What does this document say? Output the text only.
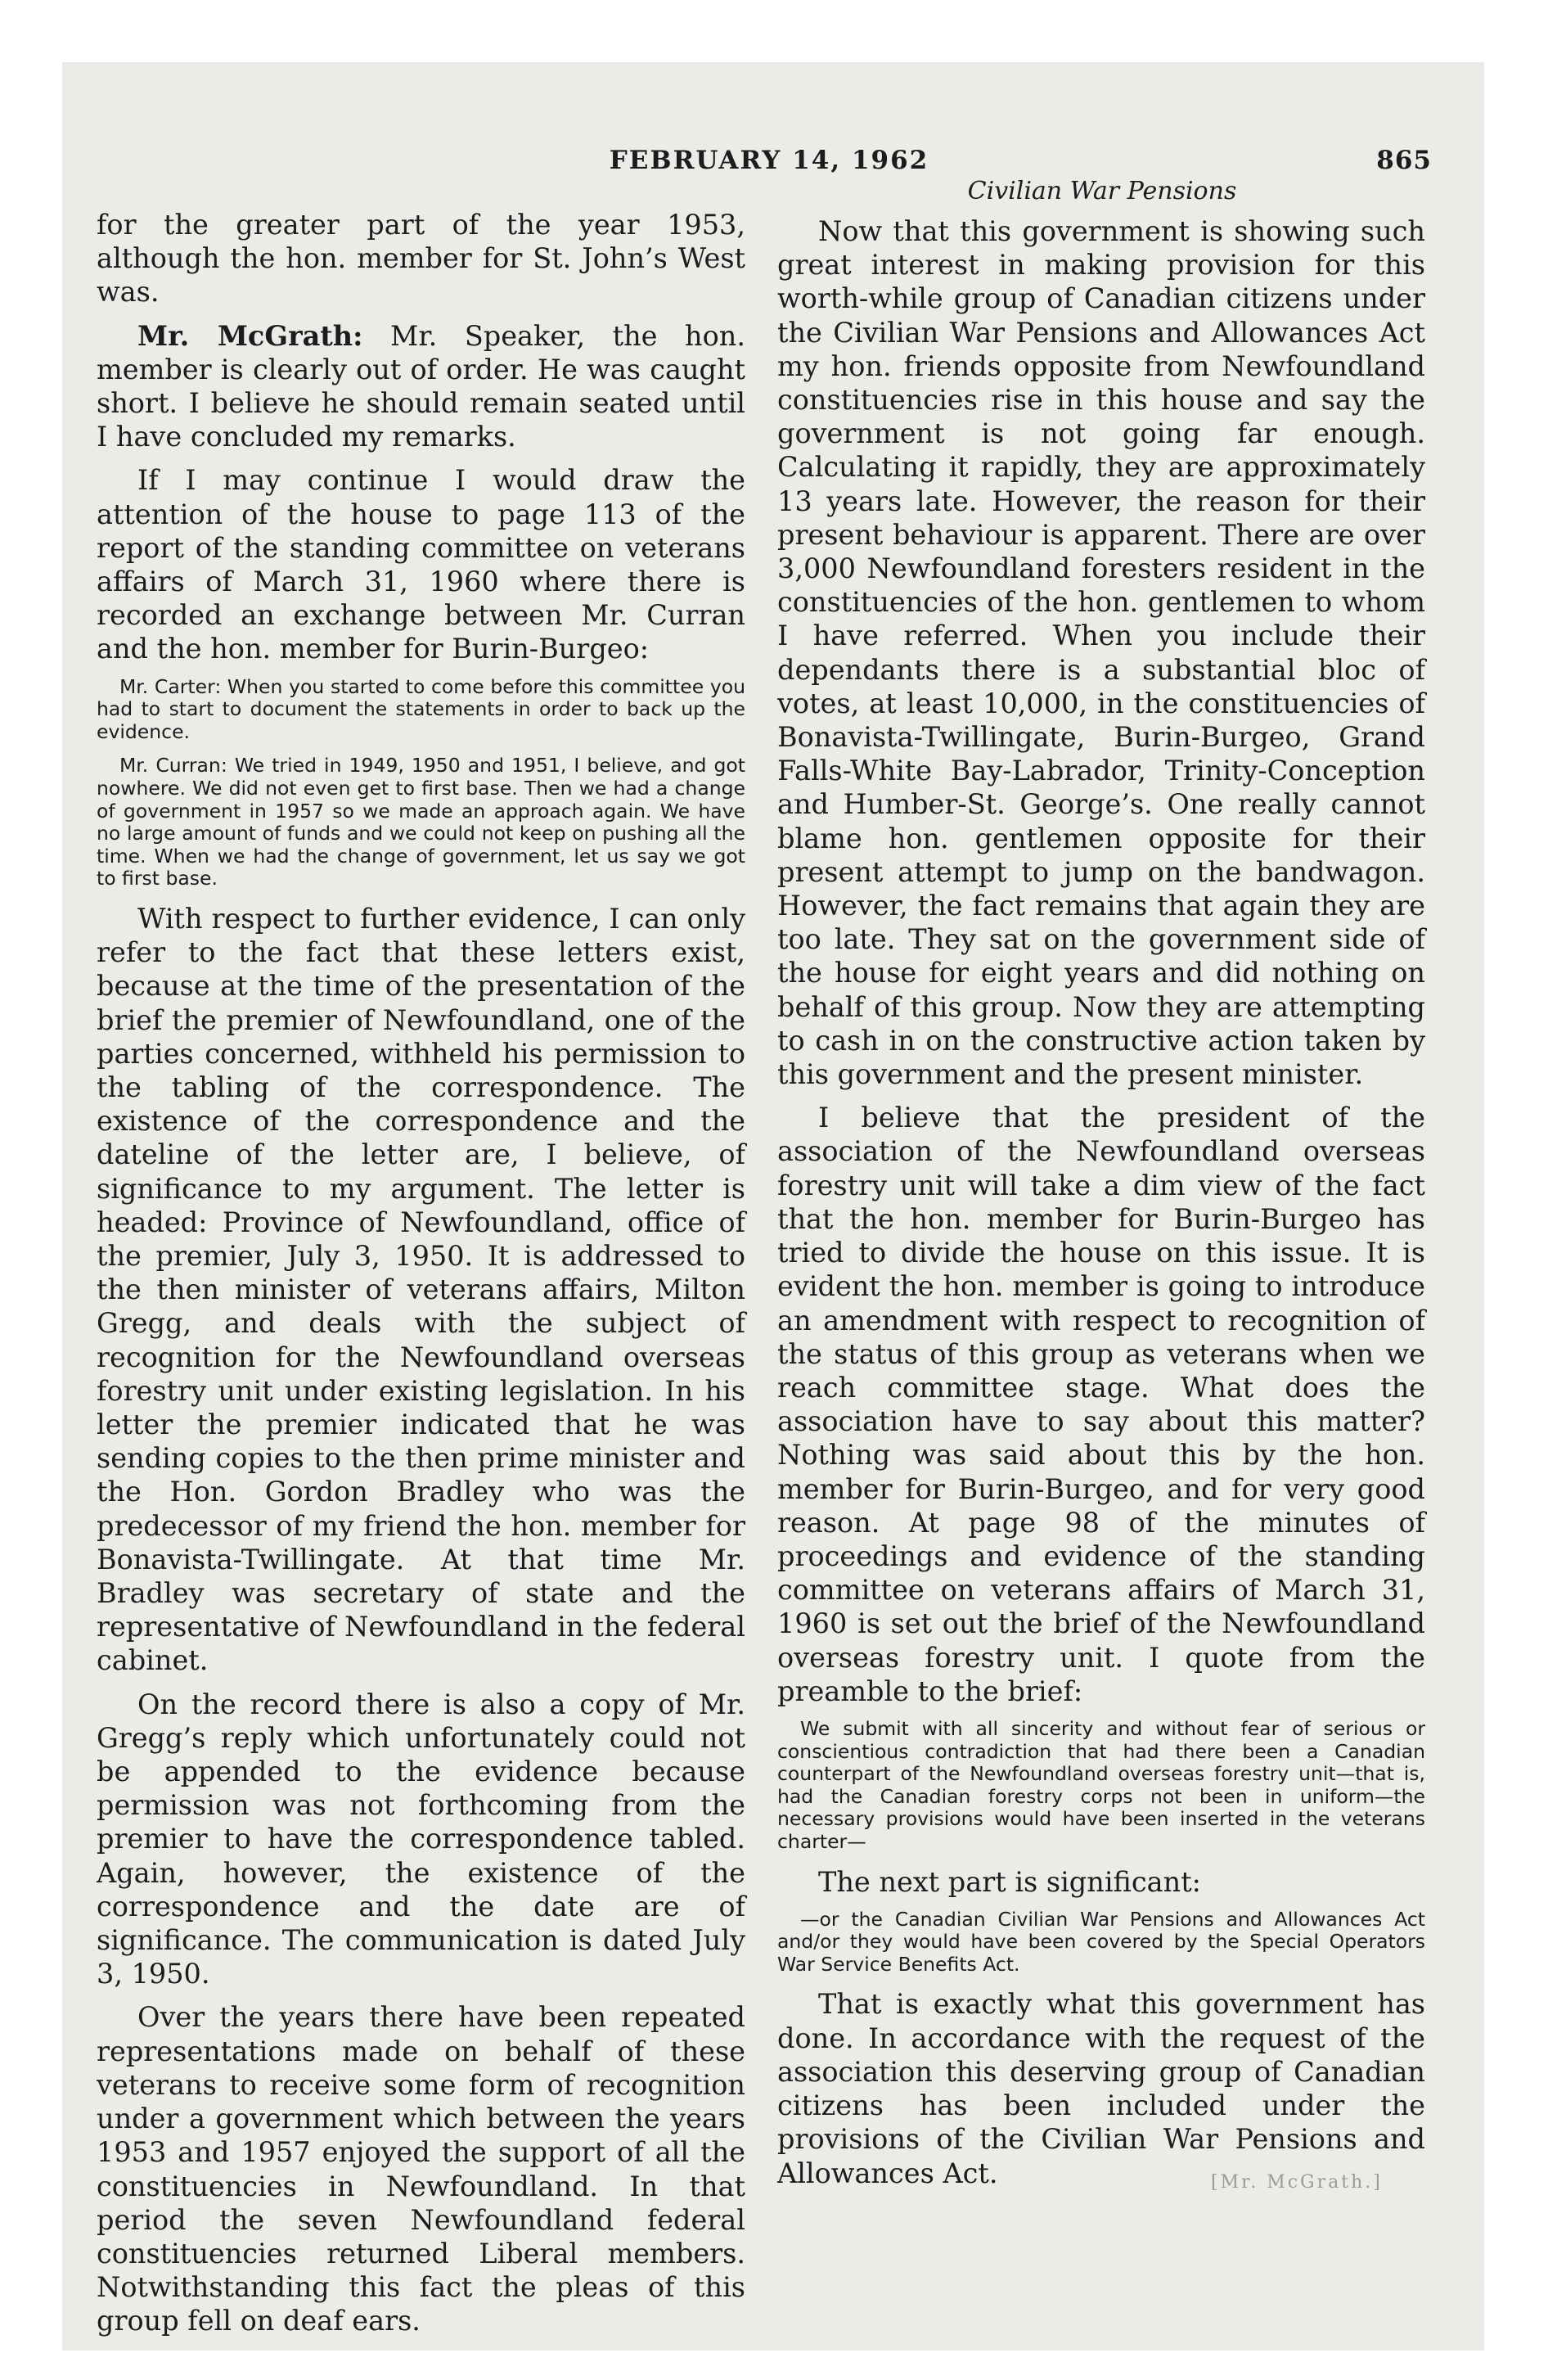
FEBRUARY 14, 1962	865
Civilian War Pensions

for the greater part of the year 1953, although the hon. member for St. John’s West was.

Mr. McGrath: Mr. Speaker, the hon. member is clearly out of order. He was caught short. I believe he should remain seated until I have concluded my remarks.

If I may continue I would draw the attention of the house to page 113 of the report of the standing committee on veterans affairs of March 31, 1960 where there is recorded an exchange between Mr. Curran and the hon. member for Burin-Burgeo:

Mr. Carter: When you started to come before this committee you had to start to document the statements in order to back up the evidence.

Mr. Curran: We tried in 1949, 1950 and 1951, I believe, and got nowhere. We did not even get to first base. Then we had a change of government in 1957 so we made an approach again. We have no large amount of funds and we could not keep on pushing all the time. When we had the change of government, let us say we got to first base.

With respect to further evidence, I can only refer to the fact that these letters exist, because at the time of the presentation of the brief the premier of Newfoundland, one of the parties concerned, withheld his permission to the tabling of the correspondence. The existence of the correspondence and the dateline of the letter are, I believe, of significance to my argument. The letter is headed: Province of Newfoundland, office of the premier, July 3, 1950. It is addressed to the then minister of veterans affairs, Milton Gregg, and deals with the subject of recognition for the Newfoundland overseas forestry unit under existing legislation. In his letter the premier indicated that he was sending copies to the then prime minister and the Hon. Gordon Bradley who was the predecessor of my friend the hon. member for Bonavista-Twillingate. At that time Mr. Bradley was secretary of state and the representative of Newfoundland in the federal cabinet.

On the record there is also a copy of Mr. Gregg’s reply which unfortunately could not be appended to the evidence because permission was not forthcoming from the premier to have the correspondence tabled. Again, however, the existence of the correspondence and the date are of significance. The communication is dated July 3, 1950.

Over the years there have been repeated representations made on behalf of these veterans to receive some form of recognition under a government which between the years 1953 and 1957 enjoyed the support of all the constituencies in Newfoundland. In that period the seven Newfoundland federal constituencies returned Liberal members. Notwithstanding this fact the pleas of this group fell on deaf ears.

Now that this government is showing such great interest in making provision for this worth-while group of Canadian citizens under the Civilian War Pensions and Allowances Act my hon. friends opposite from Newfoundland constituencies rise in this house and say the government is not going far enough. Calculating it rapidly, they are approximately 13 years late. However, the reason for their present behaviour is apparent. There are over 3,000 Newfoundland foresters resident in the constituencies of the hon. gentlemen to whom I have referred. When you include their dependants there is a substantial bloc of votes, at least 10,000, in the constituencies of Bonavista-Twillingate, Burin-Burgeo, Grand Falls-White Bay-Labrador, Trinity-Conception and Humber-St. George’s. One really cannot blame hon. gentlemen opposite for their present attempt to jump on the bandwagon. However, the fact remains that again they are too late. They sat on the government side of the house for eight years and did nothing on behalf of this group. Now they are attempting to cash in on the constructive action taken by this government and the present minister.

I believe that the president of the association of the Newfoundland overseas forestry unit will take a dim view of the fact that the hon. member for Burin-Burgeo has tried to divide the house on this issue. It is evident the hon. member is going to introduce an amendment with respect to recognition of the status of this group as veterans when we reach committee stage. What does the association have to say about this matter? Nothing was said about this by the hon. member for Burin-Burgeo, and for very good reason. At page 98 of the minutes of proceedings and evidence of the standing committee on veterans affairs of March 31, 1960 is set out the brief of the Newfoundland overseas forestry unit. I quote from the preamble to the brief:

We submit with all sincerity and without fear of serious or conscientious contradiction that had there been a Canadian counterpart of the Newfoundland overseas forestry unit—that is, had the Canadian forestry corps not been in uniform—the necessary provisions would have been inserted in the veterans charter—

The next part is significant:

—or the Canadian Civilian War Pensions and Allowances Act and/or they would have been covered by the Special Operators War Service Benefits Act.

That is exactly what this government has done. In accordance with the request of the association this deserving group of Canadian citizens has been included under the provisions of the Civilian War Pensions and Allowances Act.	[Mr. McGrath.]
